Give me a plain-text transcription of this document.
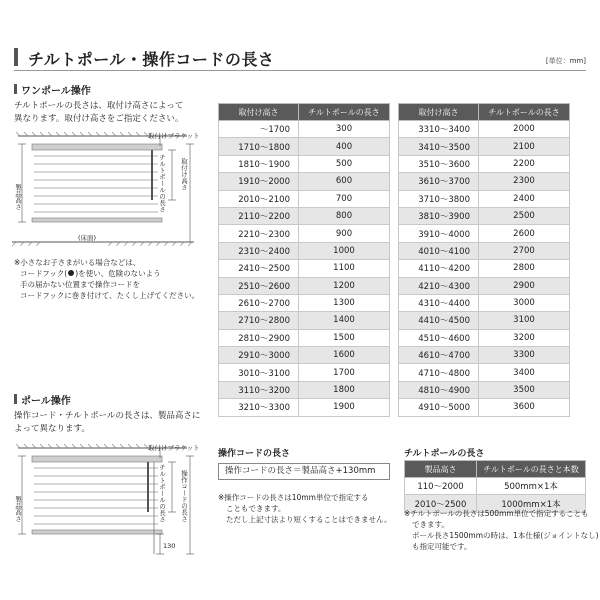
チルトポール・操作コードの長さ	[単位：mm]
ワンポール操作
チルトポールの長さは、取付け高さによって
異なります。取付け高さをご指定ください。
取付けブラケット
製品高さ	チルトポールの長さ 取付け高さ
(床面)
※小さなお子さまがいる場合などは、
コードフック( )を使い、危険のないよう
手の届かない位置まで操作コードを
コードフックに巻き付けて、たくし上げてください。
取付け高さ	チルトポールの長さ
～1700	300
1710～1800	400
1810～1900	500
1910～2000	600
2010～2100	700
2110～2200	800
2210～2300	900
2310～2400	1000
2410～2500	1100
2510～2600	1200
2610～2700	1300
2710～2800	1400
2810～2900	1500
2910～3000	1600
3010～3100	1700
3110～3200	1800
3210～3300	1900
取付け高さ	チルトポールの長さ
3310～3400	2000
3410～3500	2100
3510～3600	2200
3610～3700	2300
3710～3800	2400
3810～3900	2500
3910～4000	2600
4010～4100	2700
4110～4200	2800
4210～4300	2900
4310～4400	3000
4410～4500	3100
4510～4600	3200
4610～4700	3300
4710～4800	3400
4810～4900	3500
4910～5000	3600
ポール操作
操作コード・チルトポールの長さは、製品高さに
よって異なります。
取付けブラケット
製品高さ	チルトポールの長さ 操作コードの長さ
130
操作コードの長さ
操作コードの長さ＝製品高さ+130mm
※操作コードの長さは10mm単位で指定する
こともできます。
ただし上記寸法より短くすることはできません。
チルトポールの長さ
製品高さ	チルトポールの長さと本数
110～2000	500mm×1本
2010～2500	1000mm×1本
※チルトポールの長さは500mm単位で指定することも
できます。
ポール長さ1500mmの時は、1本仕様(ジョイントなし)
も指定可能です。
